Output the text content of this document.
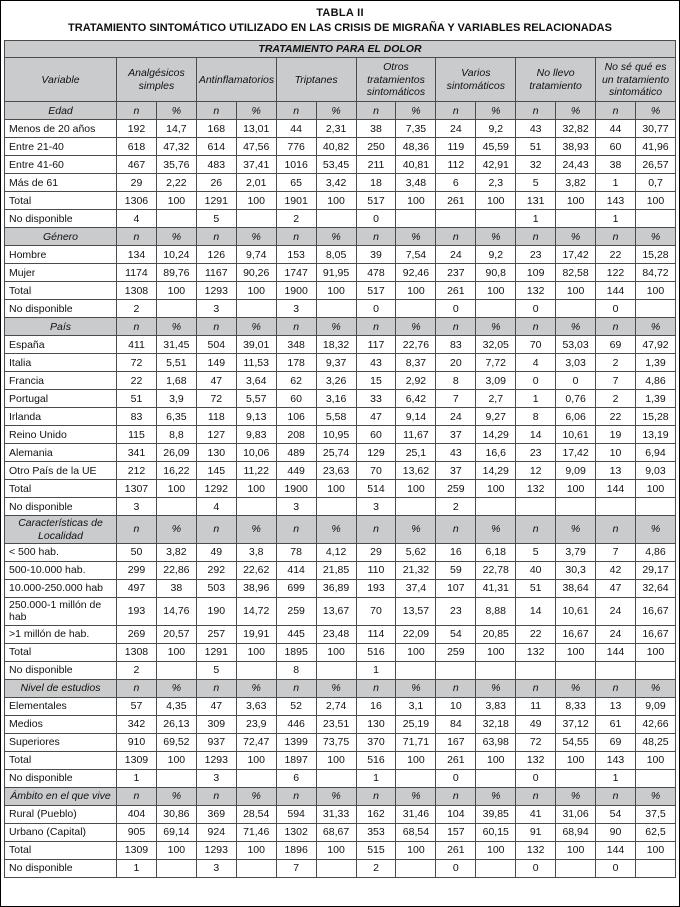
TABLA II
TRATAMIENTO SINTOMÁTICO UTILIZADO EN LAS CRISIS DE MIGRAÑA Y VARIABLES RELACIONADAS
TRATAMIENTO PARA EL DOLOR														
Variable	Analgésicos simples		Antinflamatorios		Triptanes		Otros tratamientos sintomáticos		Varios sintomáticos		No llevo tratamiento		No sé qué es un tratamiento sintomático	
Edad	n	%	n	%	n	%	n	%	n	%	n	%	n	%
Menos de 20 años	192	14,7	168	13,01	44	2,31	38	7,35	24	9,2	43	32,82	44	30,77
Entre 21-40	618	47,32	614	47,56	776	40,82	250	48,36	119	45,59	51	38,93	60	41,96
Entre 41-60	467	35,76	483	37,41	1016	53,45	211	40,81	112	42,91	32	24,43	38	26,57
Más de 61	29	2,22	26	2,01	65	3,42	18	3,48	6	2,3	5	3,82	1	0,7
Total	1306	100	1291	100	1901	100	517	100	261	100	131	100	143	100
No disponible	4		5		2		0				1		1	
Género	n	%	n	%	n	%	n	%	n	%	n	%	n	%
Hombre	134	10,24	126	9,74	153	8,05	39	7,54	24	9,2	23	17,42	22	15,28
Mujer	1174	89,76	1167	90,26	1747	91,95	478	92,46	237	90,8	109	82,58	122	84,72
Total	1308	100	1293	100	1900	100	517	100	261	100	132	100	144	100
No disponible	2		3		3		0		0		0		0	
País	n	%	n	%	n	%	n	%	n	%	n	%	n	%
España	411	31,45	504	39,01	348	18,32	117	22,76	83	32,05	70	53,03	69	47,92
Italia	72	5,51	149	11,53	178	9,37	43	8,37	20	7,72	4	3,03	2	1,39
Francia	22	1,68	47	3,64	62	3,26	15	2,92	8	3,09	0	0	7	4,86
Portugal	51	3,9	72	5,57	60	3,16	33	6,42	7	2,7	1	0,76	2	1,39
Irlanda	83	6,35	118	9,13	106	5,58	47	9,14	24	9,27	8	6,06	22	15,28
Reino Unido	115	8,8	127	9,83	208	10,95	60	11,67	37	14,29	14	10,61	19	13,19
Alemania	341	26,09	130	10,06	489	25,74	129	25,1	43	16,6	23	17,42	10	6,94
Otro País de la UE	212	16,22	145	11,22	449	23,63	70	13,62	37	14,29	12	9,09	13	9,03
Total	1307	100	1292	100	1900	100	514	100	259	100	132	100	144	100
No disponible	3		4		3		3		2					
Características de Localidad	n	%	n	%	n	%	n	%	n	%	n	%	n	%
< 500 hab.	50	3,82	49	3,8	78	4,12	29	5,62	16	6,18	5	3,79	7	4,86
500-10.000 hab.	299	22,86	292	22,62	414	21,85	110	21,32	59	22,78	40	30,3	42	29,17
10.000-250.000 hab	497	38	503	38,96	699	36,89	193	37,4	107	41,31	51	38,64	47	32,64
250.000-1 millón de hab	193	14,76	190	14,72	259	13,67	70	13,57	23	8,88	14	10,61	24	16,67
>1 millón de hab.	269	20,57	257	19,91	445	23,48	114	22,09	54	20,85	22	16,67	24	16,67
Total	1308	100	1291	100	1895	100	516	100	259	100	132	100	144	100
No disponible	2		5		8		1							
Nivel de estudios	n	%	n	%	n	%	n	%	n	%	n	%	n	%
Elementales	57	4,35	47	3,63	52	2,74	16	3,1	10	3,83	11	8,33	13	9,09
Medios	342	26,13	309	23,9	446	23,51	130	25,19	84	32,18	49	37,12	61	42,66
Superiores	910	69,52	937	72,47	1399	73,75	370	71,71	167	63,98	72	54,55	69	48,25
Total	1309	100	1293	100	1897	100	516	100	261	100	132	100	143	100
No disponible	1		3		6		1		0		0		1	
Ámbito en el que vive	n	%	n	%	n	%	n	%	n	%	n	%	n	%
Rural (Pueblo)	404	30,86	369	28,54	594	31,33	162	31,46	104	39,85	41	31,06	54	37,5
Urbano (Capital)	905	69,14	924	71,46	1302	68,67	353	68,54	157	60,15	91	68,94	90	62,5
Total	1309	100	1293	100	1896	100	515	100	261	100	132	100	144	100
No disponible	1		3		7		2		0		0		0	
